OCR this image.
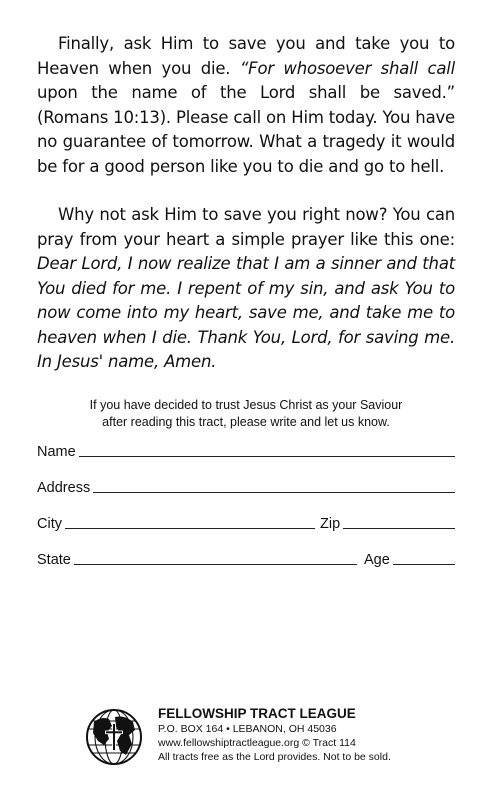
Finally, ask Him to save you and take you to Heaven when you die. “For whosoever shall call upon the name of the Lord shall be saved.” (Romans 10:13). Please call on Him today. You have no guarantee of tomorrow. What a tragedy it would be for a good person like you to die and go to hell.

Why not ask Him to save you right now? You can pray from your heart a simple prayer like this one: Dear Lord, I now realize that I am a sinner and that You died for me. I repent of my sin, and ask You to now come into my heart, save me, and take me to heaven when I die. Thank You, Lord, for saving me. In Jesus' name, Amen.

If you have decided to trust Jesus Christ as your Saviour
after reading this tract, please write and let us know.

Name
Address
City	Zip
State	Age
FELLOWSHIP TRACT LEAGUE
P.O. BOX 164 • LEBANON, OH 45036
www.fellowshiptractleague.org © Tract 114
All tracts free as the Lord provides. Not to be sold.
